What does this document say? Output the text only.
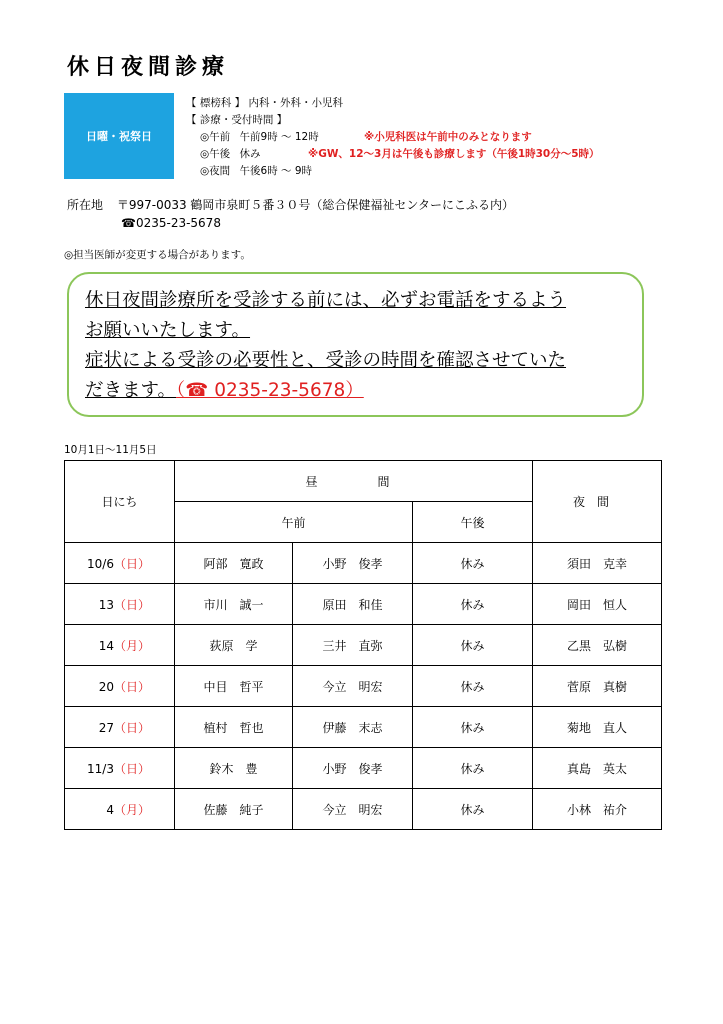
休日夜間診療
日曜・祝祭日
【 標榜科 】 内科・外科・小児科
【 診療・受付時間 】
◎午前 午前9時 ～ 12時	※小児科医は午前中のみとなります
◎午後 休み	※GW、12～3月は午後も診療します（午後1時30分～5時）
◎夜間 午後6時 ～ 9時
所在地 〒997-0033 鶴岡市泉町５番３０号（総合保健福祉センターにこふる内）
☎0235-23-5678
◎担当医師が変更する場合があります。

休日夜間診療所を受診する前には、必ずお電話をするよう

お願いいたします。

症状による受診の必要性と、受診の時間を確認させていた

だきます。（☎ 0235-23-5678）

10月1日～11月5日
日にち	昼　　間			夜間
	午前		午後	
10/6（日）	阿部　寛政	小野　俊孝	休み	須田　克幸
13（日）	市川　誠一	原田　和佳	休み	岡田　恒人
14（月）	荻原　学	三井　直弥	休み	乙黒　弘樹
20（日）	中目　哲平	今立　明宏	休み	菅原　真樹
27（日）	植村　哲也	伊藤　末志	休み	菊地　直人
11/3（日）	鈴木　豊	小野　俊孝	休み	真島　英太
4（月）	佐藤　純子	今立　明宏	休み	小林　祐介
